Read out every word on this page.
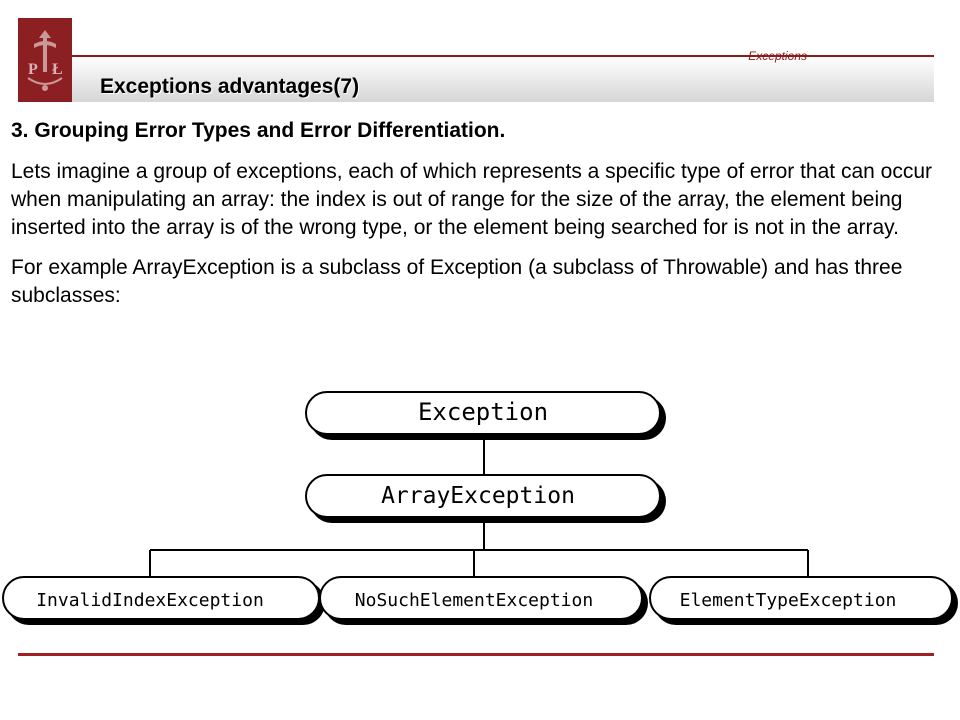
P Ł
Exceptions
Exceptions advantages(7)

3. Grouping Error Types and Error Differentiation.

Lets imagine a group of exceptions, each of which represents a specific type of error that can occur when manipulating an array: the index is out of range for the size of the array, the element being inserted into the array is of the wrong type, or the element being searched for is not in the array.

For example ArrayException is a subclass of Exception (a subclass of Throwable) and has three subclasses:

Exception
ArrayException
InvalidIndexException	NoSuchElementException	ElementTypeException
